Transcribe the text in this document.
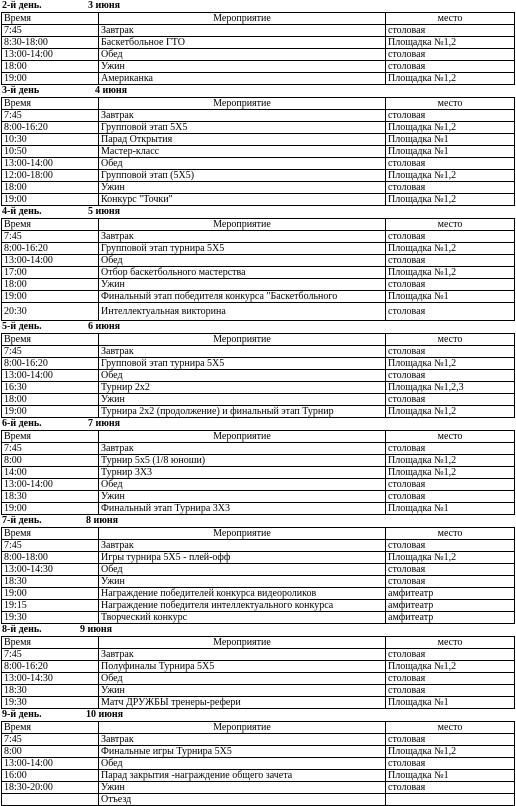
2-й день.	3 июня
Время	Мероприятие	место
7:45	Завтрак	столовая
8:30-18:00	Баскетбольное ГТО	Площадка №1,2
13:00-14:00	Обед	столовая
18:00	Ужин	столовая
19:00	Американка	Площадка №1,2
3-й день	4 июня
Время	Мероприятие	место
7:45	Завтрак	столовая
8:00-16:20	Групповой этап 5Х5	Площадка №1,2
10:30	Парад Открытия	Площадка №1
10:50	Мастер-класс	Площадка №1
13:00-14:00	Обед	столовая
12:00-18:00	Групповой этап (5Х5)	Площадка №1,2
18:00	Ужин	столовая
19:00	Конкурс "Точки"	Площадка №1,2
4-й день.	5 июня
Время	Мероприятие	место
7:45	Завтрак	столовая
8:00-16:20	Групповой этап турнира 5Х5	Площадка №1,2
13:00-14:00	Обед	столовая
17:00	Отбор баскетбольного мастерства	Площадка №1,2
18:00	Ужин	столовая
19:00	Финальный этап победителя конкурса "Баскетбольного	Площадка №1
20:30	Интеллектуальная викторина	столовая
5-й день.	6 июня
Время	Мероприятие	место
7:45	Завтрак	столовая
8:00-16:20	Групповой этап турнира 5Х5	Площадка №1,2
13:00-14:00	Обед	столовая
16:30	Турнир 2х2	Площадка №1,2,3
18:00	Ужин	столовая
19:00	Турнира 2х2 (продолжение) и финальный этап Турнир	Площадка №1,2
6-й день.	7 июня
Время	Мероприятие	место
7:45	Завтрак	столовая
8:00	Турнир 5х5 (1/8 юноши)	Площадка №1,2
14:00	Турнир 3Х3	Площадка №1,2
13:00-14:00	Обед	столовая
18:30	Ужин	столовая
19:00	Финальный этап Турнира 3Х3	Площадка №1
7-й день.	8 июня
Время	Мероприятие	место
7:45	Завтрак	столовая
8:00-18:00	Игры турнира 5Х5 - плей-офф	Площадка №1,2
13:00-14:30	Обед	столовая
18:30	Ужин	столовая
19:00	Награждение победителей конкурса видеороликов	амфитеатр
19:15	Награждение победителя интеллектуального конкурса	амфитеатр
19:30	Творческий конкурс	амфитеатр
8-й день.	9 июня
Время	Мероприятие	место
7:45	Завтрак	столовая
8:00-16:20	Полуфиналы Турнира 5Х5	Площадка №1,2
13:00-14:30	Обед	столовая
18:30	Ужин	столовая
19:30	Матч ДРУЖБЫ тренеры-рефери	Площадка №1
9-й день.	10 июня
Время	Мероприятие	место
7:45	Завтрак	столовая
8:00	Финальные игры Турнира 5Х5	Площадка №1,2
13:00-14:00	Обед	столовая
16:00	Парад закрытия -награждение общего зачета	Площадка №1
18:30-20:00	Ужин	столовая
	Отъезд	
